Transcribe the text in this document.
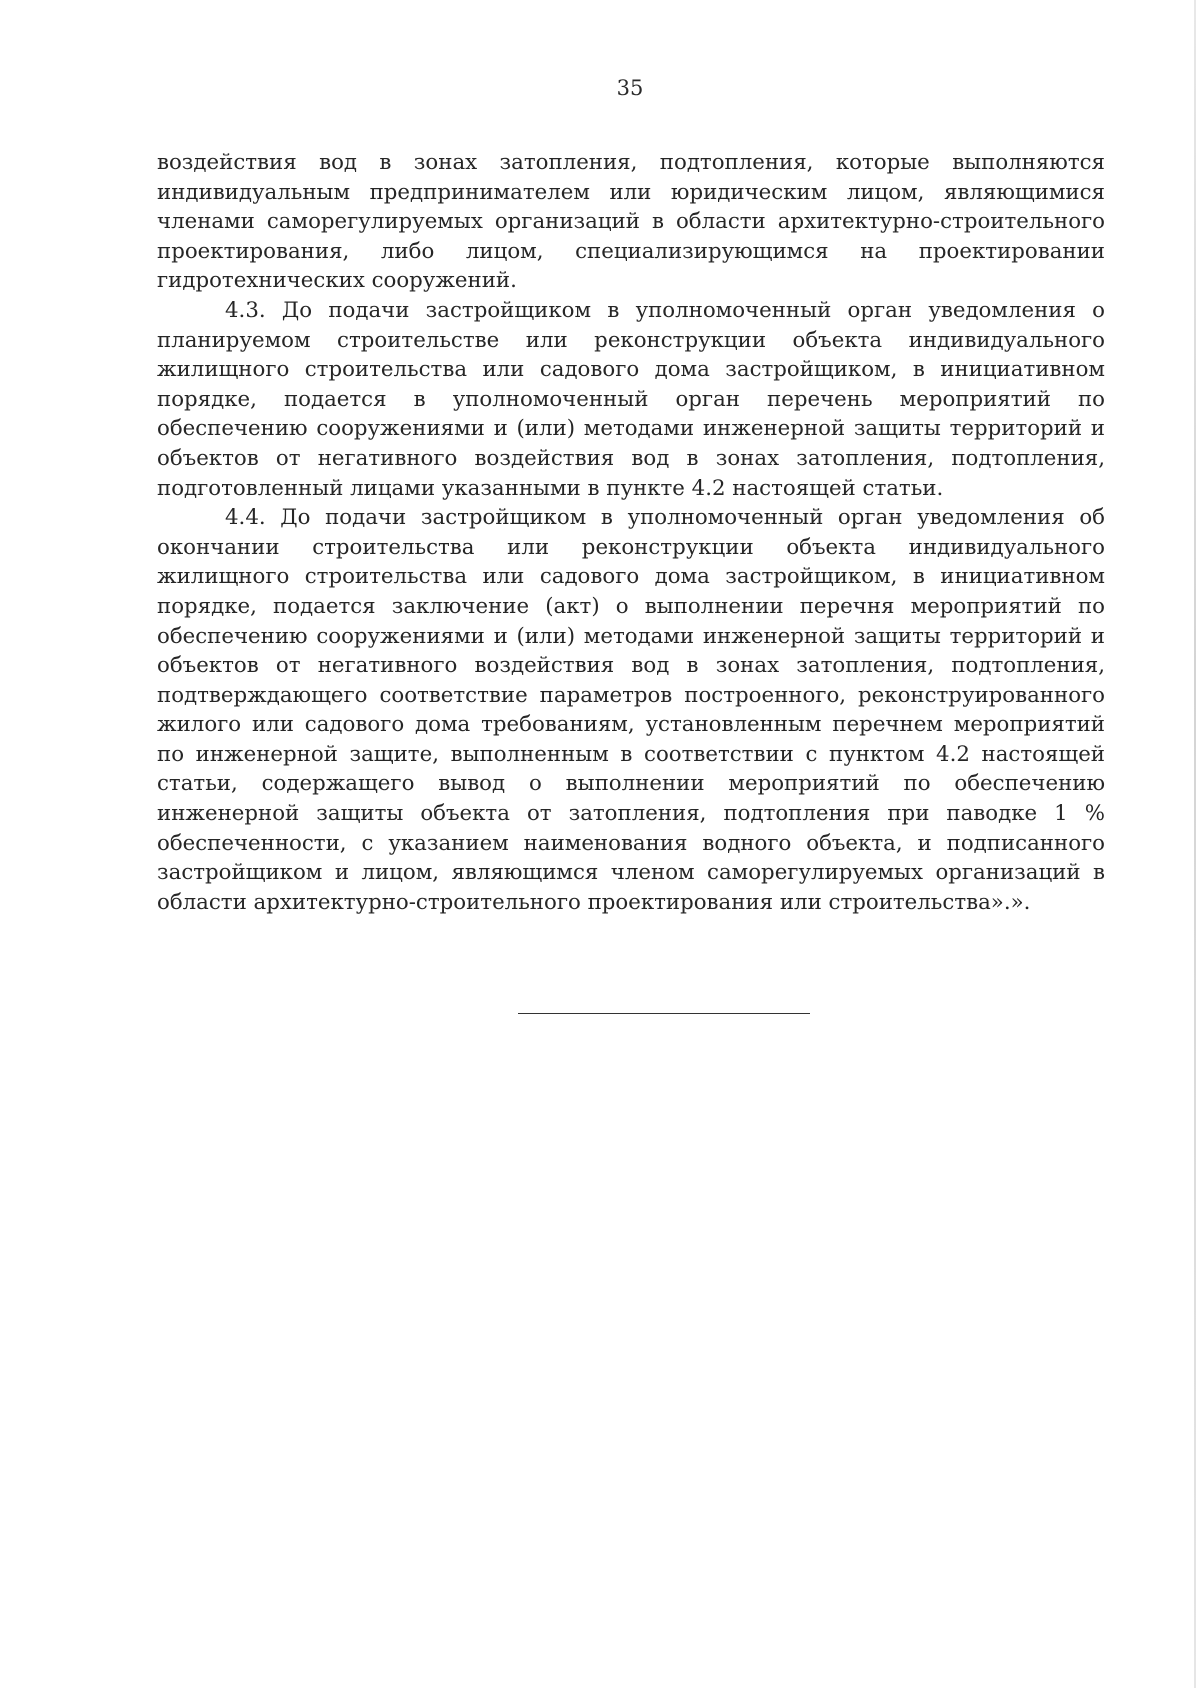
35

воздействия вод в зонах затопления, подтопления, которые выполняются индивидуальным предпринимателем или юридическим лицом, являющимися членами саморегулируемых организаций в области архитектурно-строительного проектирования, либо лицом, специализирующимся на проектировании гидротехнических сооружений.

4.3. До подачи застройщиком в уполномоченный орган уведомления о планируемом строительстве или реконструкции объекта индивидуального жилищного строительства или садового дома застройщиком, в инициативном порядке, подается в уполномоченный орган перечень мероприятий по обеспечению сооружениями и (или) методами инженерной защиты территорий и объектов от негативного воздействия вод в зонах затопления, подтопления, подготовленный лицами указанными в пункте 4.2 настоящей статьи.

4.4. До подачи застройщиком в уполномоченный орган уведомления об окончании строительства или реконструкции объекта индивидуального жилищного строительства или садового дома застройщиком, в инициативном порядке, подается заключение (акт) о выполнении перечня мероприятий по обеспечению сооружениями и (или) методами инженерной защиты территорий и объектов от негативного воздействия вод в зонах затопления, подтопления, подтверждающего соответствие параметров построенного, реконструированного жилого или садового дома требованиям, установленным перечнем мероприятий по инженерной защите, выполненным в соответствии с пунктом 4.2 настоящей статьи, содержащего вывод о выполнении мероприятий по обеспечению инженерной защиты объекта от затопления, подтопления при паводке 1 % обеспеченности, с указанием наименования водного объекта, и подписанного застройщиком и лицом, являющимся членом саморегулируемых организаций в области архитектурно-строительного проектирования или строительства».».
